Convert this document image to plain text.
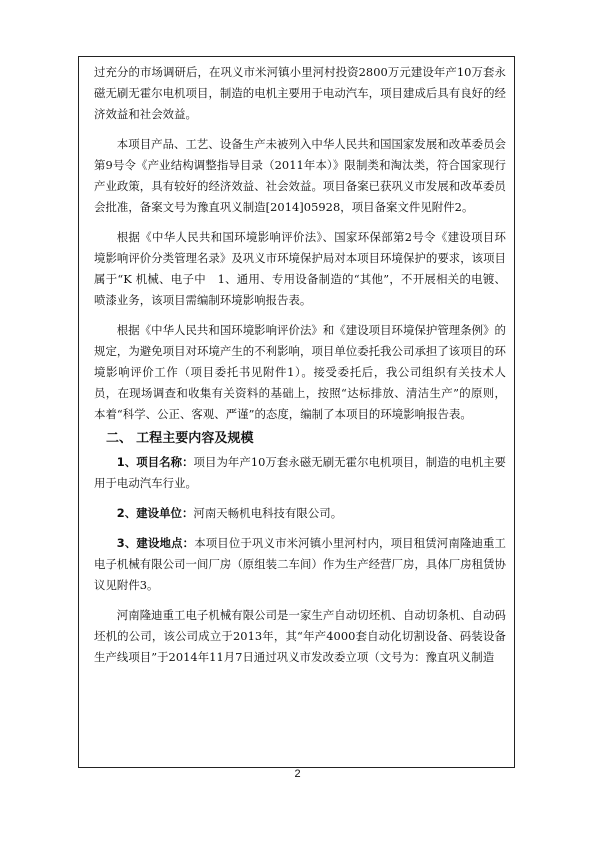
过充分的市场调研后，在巩义市米河镇小里河村投资2800万元建设年产10万套永磁无刷无霍尔电机项目，制造的电机主要用于电动汽车，项目建成后具有良好的经济效益和社会效益。

本项目产品、工艺、设备生产未被列入中华人民共和国国家发展和改革委员会第9号令《产业结构调整指导目录（2011年本）》限制类和淘汰类，符合国家现行产业政策，具有较好的经济效益、社会效益。项目备案已获巩义市发展和改革委员会批准，备案文号为豫直巩义制造[2014]05928，项目备案文件见附件2。

根据《中华人民共和国环境影响评价法》、国家环保部第2号令《建设项目环境影响评价分类管理名录》及巩义市环境保护局对本项目环境保护的要求，该项目属于“K 机械、电子中　1、通用、专用设备制造的“其他”，不开展相关的电镀、喷漆业务，该项目需编制环境影响报告表。

根据《中华人民共和国环境影响评价法》和《建设项目环境保护管理条例》的规定，为避免项目对环境产生的不利影响，项目单位委托我公司承担了该项目的环境影响评价工作（项目委托书见附件1）。接受委托后，我公司组织有关技术人员，在现场调查和收集有关资料的基础上，按照“达标排放、清洁生产”的原则，本着“科学、公正、客观、严谨”的态度，编制了本项目的环境影响报告表。

二、 工程主要内容及规模

1、项目名称：项目为年产10万套永磁无刷无霍尔电机项目，制造的电机主要用于电动汽车行业。

2、建设单位：河南天畅机电科技有限公司。

3、建设地点：本项目位于巩义市米河镇小里河村内，项目租赁河南隆迪重工电子机械有限公司一间厂房（原组装二车间）作为生产经营厂房，具体厂房租赁协议见附件3。

河南隆迪重工电子机械有限公司是一家生产自动切坯机、自动切条机、自动码坯机的公司，该公司成立于2013年，其“年产4000套自动化切割设备、码装设备生产线项目”于2014年11月7日通过巩义市发改委立项（文号为：豫直巩义制造

2
